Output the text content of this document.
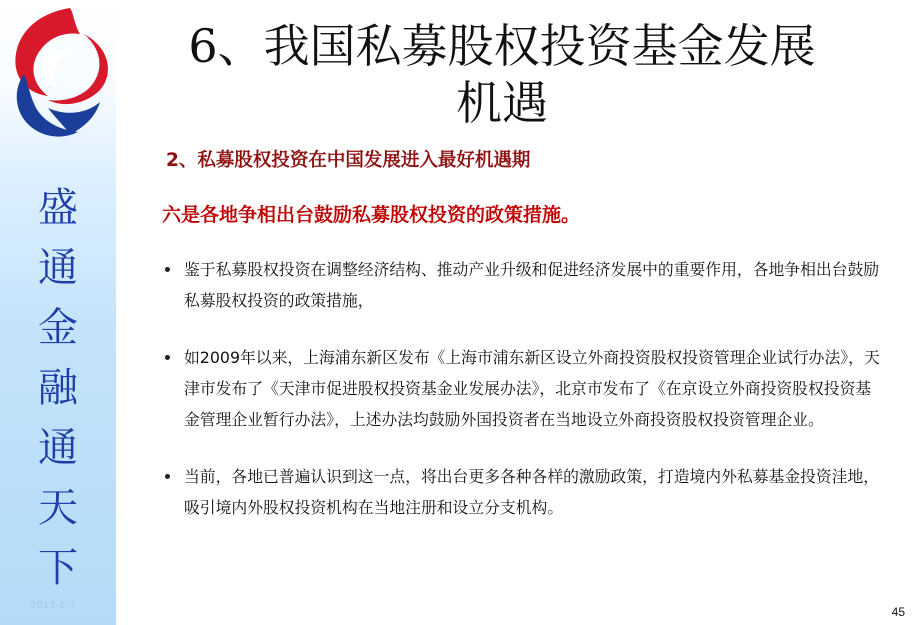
盛
通
金
融
通
天
下
2013-1-7
6、我国私募股权投资基金发展
机遇

2、私募股权投资在中国发展进入最好机遇期

六是各地争相出台鼓励私募股权投资的政策措施。

鉴于私募股权投资在调整经济结构、推动产业升级和促进经济发展中的重要作用，各地争相出台鼓励私募股权投资的政策措施，
如2009年以来，上海浦东新区发布《上海市浦东新区设立外商投资股权投资管理企业试行办法》，天津市发布了《天津市促进股权投资基金业发展办法》，北京市发布了《在京设立外商投资股权投资基金管理企业暂行办法》，上述办法均鼓励外国投资者在当地设立外商投资股权投资管理企业。
当前，各地已普遍认识到这一点，将出台更多各种各样的激励政策，打造境内外私募基金投资洼地，吸引境内外股权投资机构在当地注册和设立分支机构。
45
